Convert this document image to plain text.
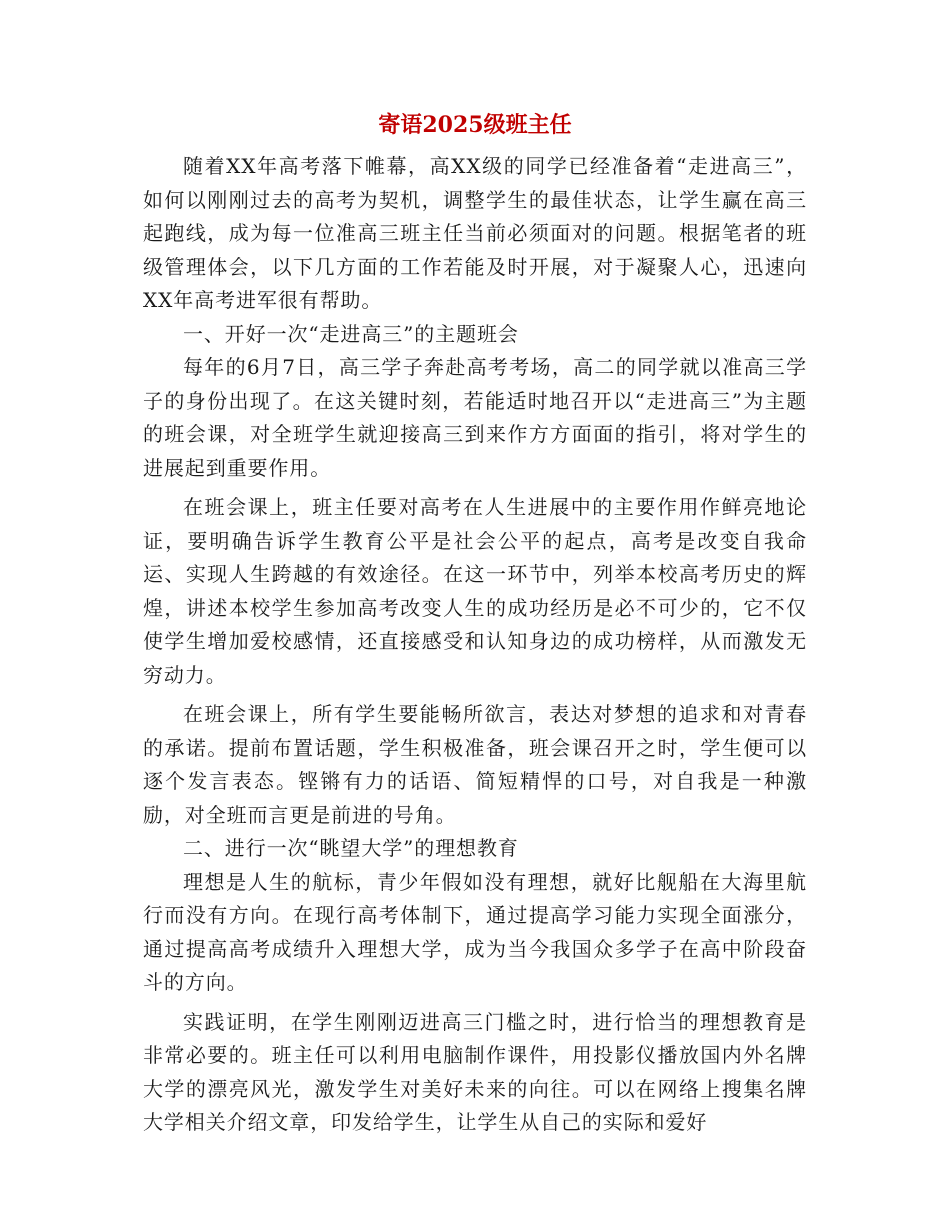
寄语2025级班主任

随着XX年高考落下帷幕，高XX级的同学已经准备着“走进高三”，如何以刚刚过去的高考为契机，调整学生的最佳状态，让学生赢在高三起跑线，成为每一位准高三班主任当前必须面对的问题。根据笔者的班级管理体会，以下几方面的工作若能及时开展，对于凝聚人心，迅速向XX年高考进军很有帮助。

一、开好一次“走进高三”的主题班会

每年的6月7日，高三学子奔赴高考考场，高二的同学就以准高三学子的身份出现了。在这关键时刻，若能适时地召开以“走进高三”为主题的班会课，对全班学生就迎接高三到来作方方面面的指引，将对学生的进展起到重要作用。

在班会课上，班主任要对高考在人生进展中的主要作用作鲜亮地论证，要明确告诉学生教育公平是社会公平的起点，高考是改变自我命运、实现人生跨越的有效途径。在这一环节中，列举本校高考历史的辉煌，讲述本校学生参加高考改变人生的成功经历是必不可少的，它不仅使学生增加爱校感情，还直接感受和认知身边的成功榜样，从而激发无穷动力。

在班会课上，所有学生要能畅所欲言，表达对梦想的追求和对青春的承诺。提前布置话题，学生积极准备，班会课召开之时，学生便可以逐个发言表态。铿锵有力的话语、简短精悍的口号，对自我是一种激励，对全班而言更是前进的号角。

二、进行一次“眺望大学”的理想教育

理想是人生的航标，青少年假如没有理想，就好比舰船在大海里航行而没有方向。在现行高考体制下，通过提高学习能力实现全面涨分，通过提高高考成绩升入理想大学，成为当今我国众多学子在高中阶段奋斗的方向。

实践证明，在学生刚刚迈进高三门槛之时，进行恰当的理想教育是非常必要的。班主任可以利用电脑制作课件，用投影仪播放国内外名牌大学的漂亮风光，激发学生对美好未来的向往。可以在网络上搜集名牌大学相关介绍文章，印发给学生，让学生从自己的实际和爱好
